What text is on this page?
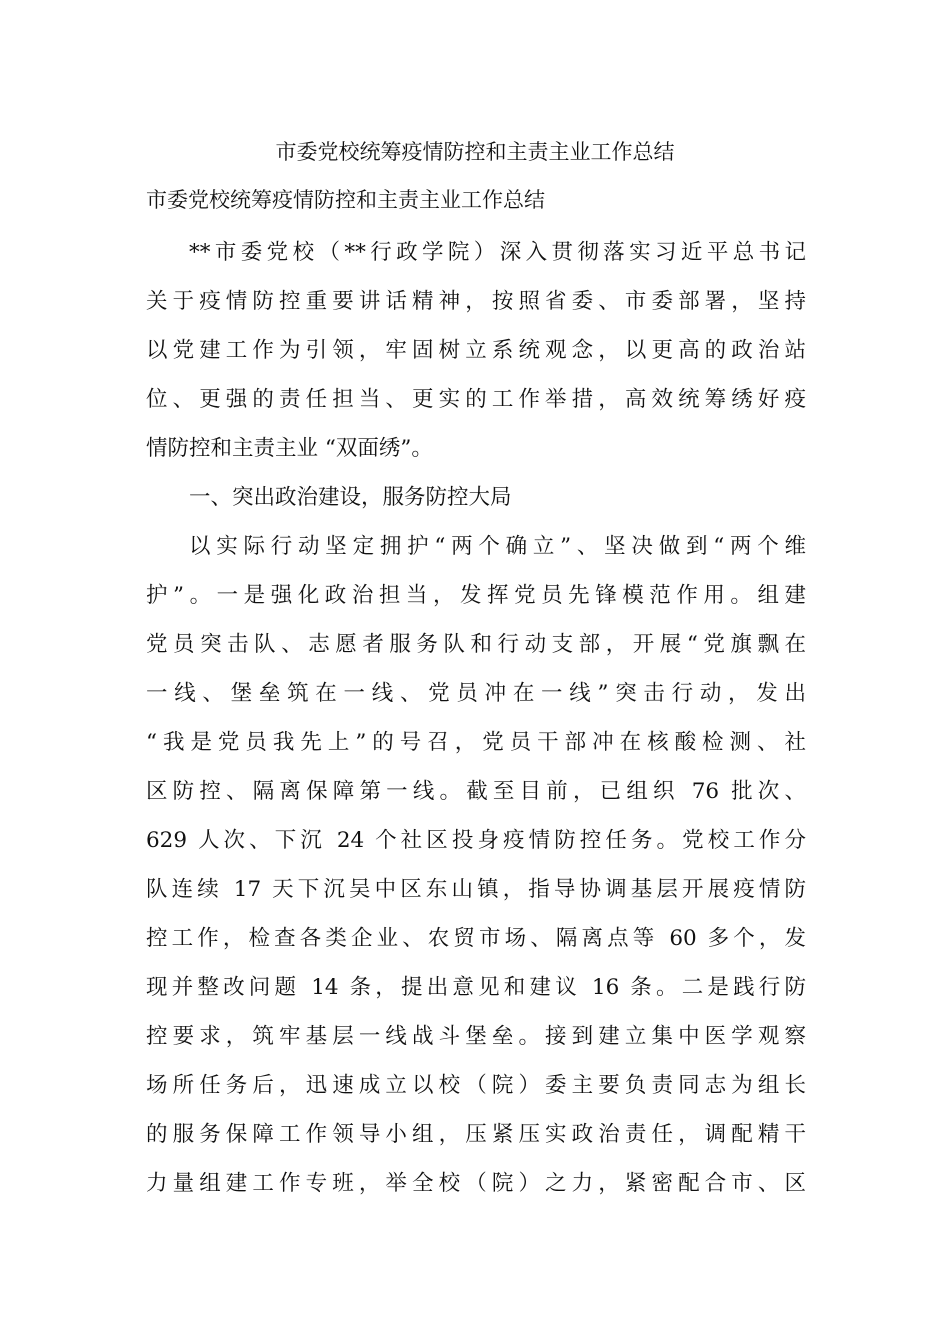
市委党校统筹疫情防控和主责主业工作总结
市委党校统筹疫情防控和主责主业工作总结
**市委党校（**行政学院）深入贯彻落实习近平总书记
关于疫情防控重要讲话精神，按照省委、市委部署，坚持
以党建工作为引领，牢固树立系统观念，以更高的政治站
位、更强的责任担当、更实的工作举措，高效统筹绣好疫
情防控和主责主业 “双面绣”。
一、突出政治建设，服务防控大局
以实际行动坚定拥护“两个确立”、坚决做到“两个维
护”。一是强化政治担当，发挥党员先锋模范作用。组建
党员突击队、志愿者服务队和行动支部，开展“党旗飘在
一线、堡垒筑在一线、党员冲在一线”突击行动，发出
“我是党员我先上”的号召，党员干部冲在核酸检测、社
区防控、隔离保障第一线。截至目前，已组织 76 批次、
629 人次、下沉 24 个社区投身疫情防控任务。党校工作分
队连续 17 天下沉吴中区东山镇，指导协调基层开展疫情防
控工作，检查各类企业、农贸市场、隔离点等 60 多个，发
现并整改问题 14 条，提出意见和建议 16 条。二是践行防
控要求，筑牢基层一线战斗堡垒。接到建立集中医学观察
场所任务后，迅速成立以校（院）委主要负责同志为组长
的服务保障工作领导小组，压紧压实政治责任，调配精干
力量组建工作专班，举全校（院）之力，紧密配合市、区
